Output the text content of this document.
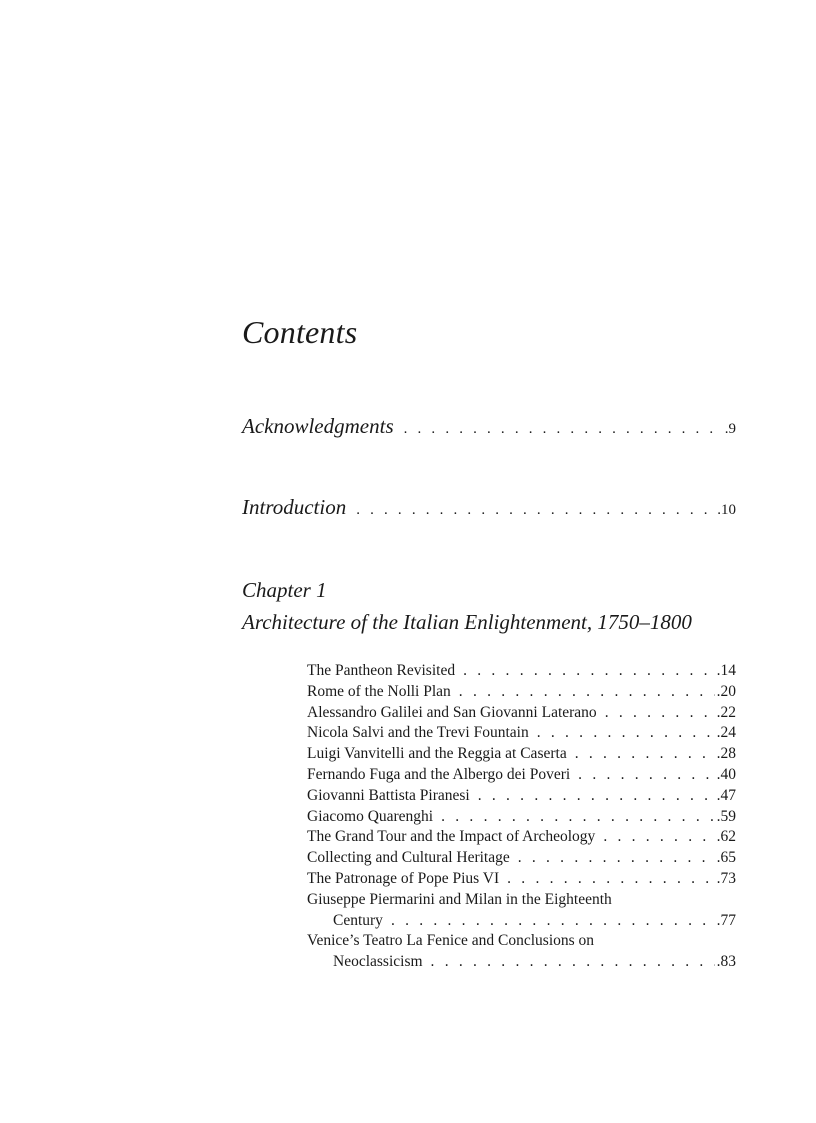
Contents
Acknowledgments . . .	.9
Introduction . . .	.10
Chapter 1
Architecture of the Italian Enlightenment, 1750–1800
The Pantheon Revisited . . .	.14
Rome of the Nolli Plan . . .	.20
Alessandro Galilei and San Giovanni Laterano . . .	.22
Nicola Salvi and the Trevi Fountain . . .	.24
Luigi Vanvitelli and the Reggia at Caserta . . .	.28
Fernando Fuga and the Albergo dei Poveri . . .	.40
Giovanni Battista Piranesi . . .	.47
Giacomo Quarenghi . . .	.59
The Grand Tour and the Impact of Archeology . . .	.62
Collecting and Cultural Heritage . . .	.65
The Patronage of Pope Pius VI . . .	.73
Giuseppe Piermarini and Milan in the Eighteenth
Century . . .	.77
Venice’s Teatro La Fenice and Conclusions on
Neoclassicism . . .	.83
